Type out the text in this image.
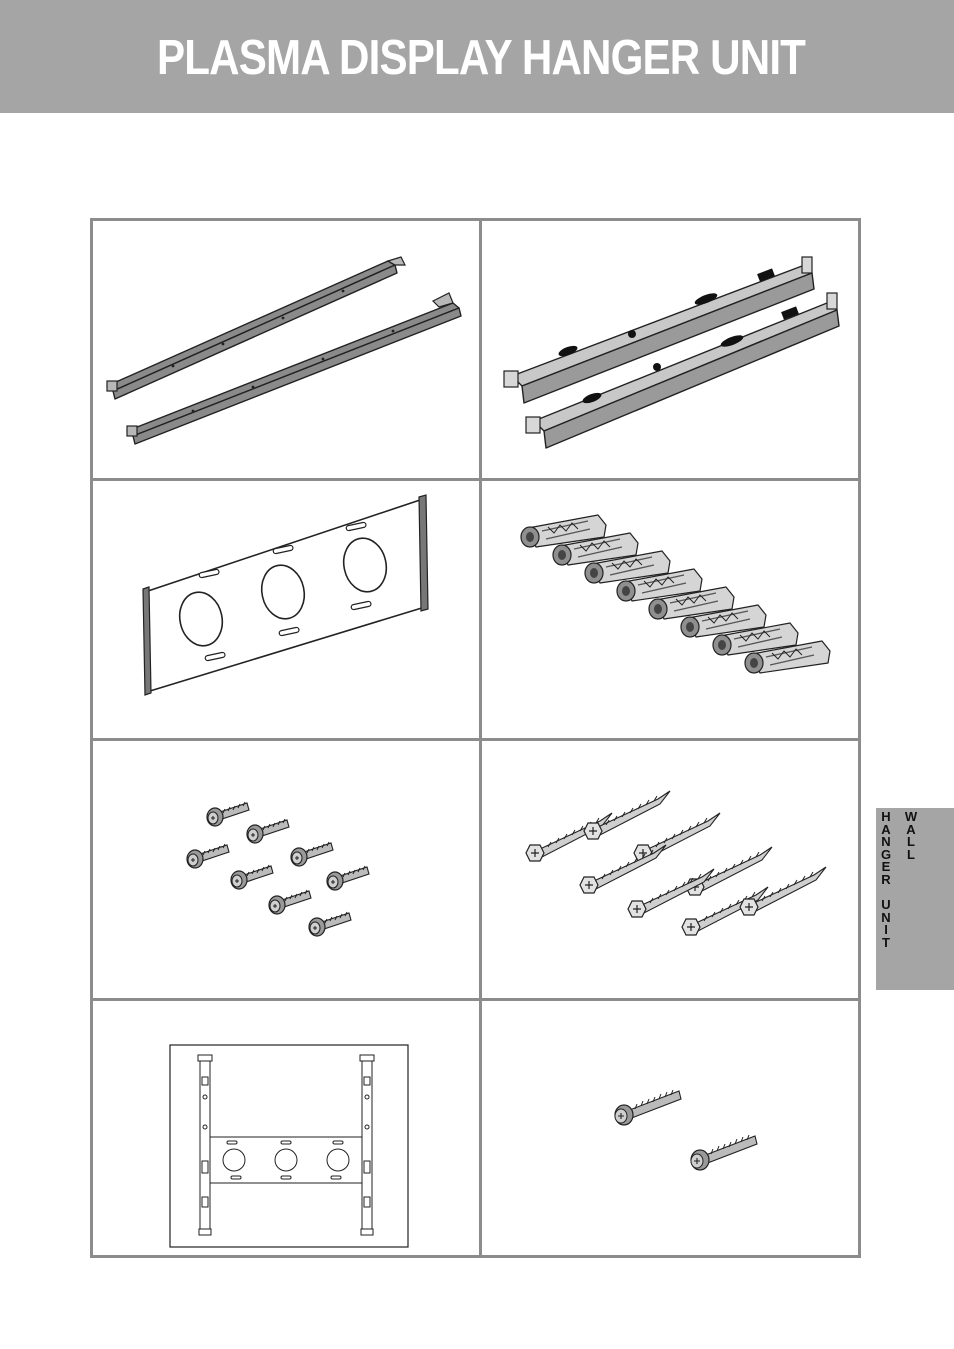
PLASMA DISPLAY HANGER UNIT
H
A
N
G
E
R
U
N
I
T
W
A
L
L
